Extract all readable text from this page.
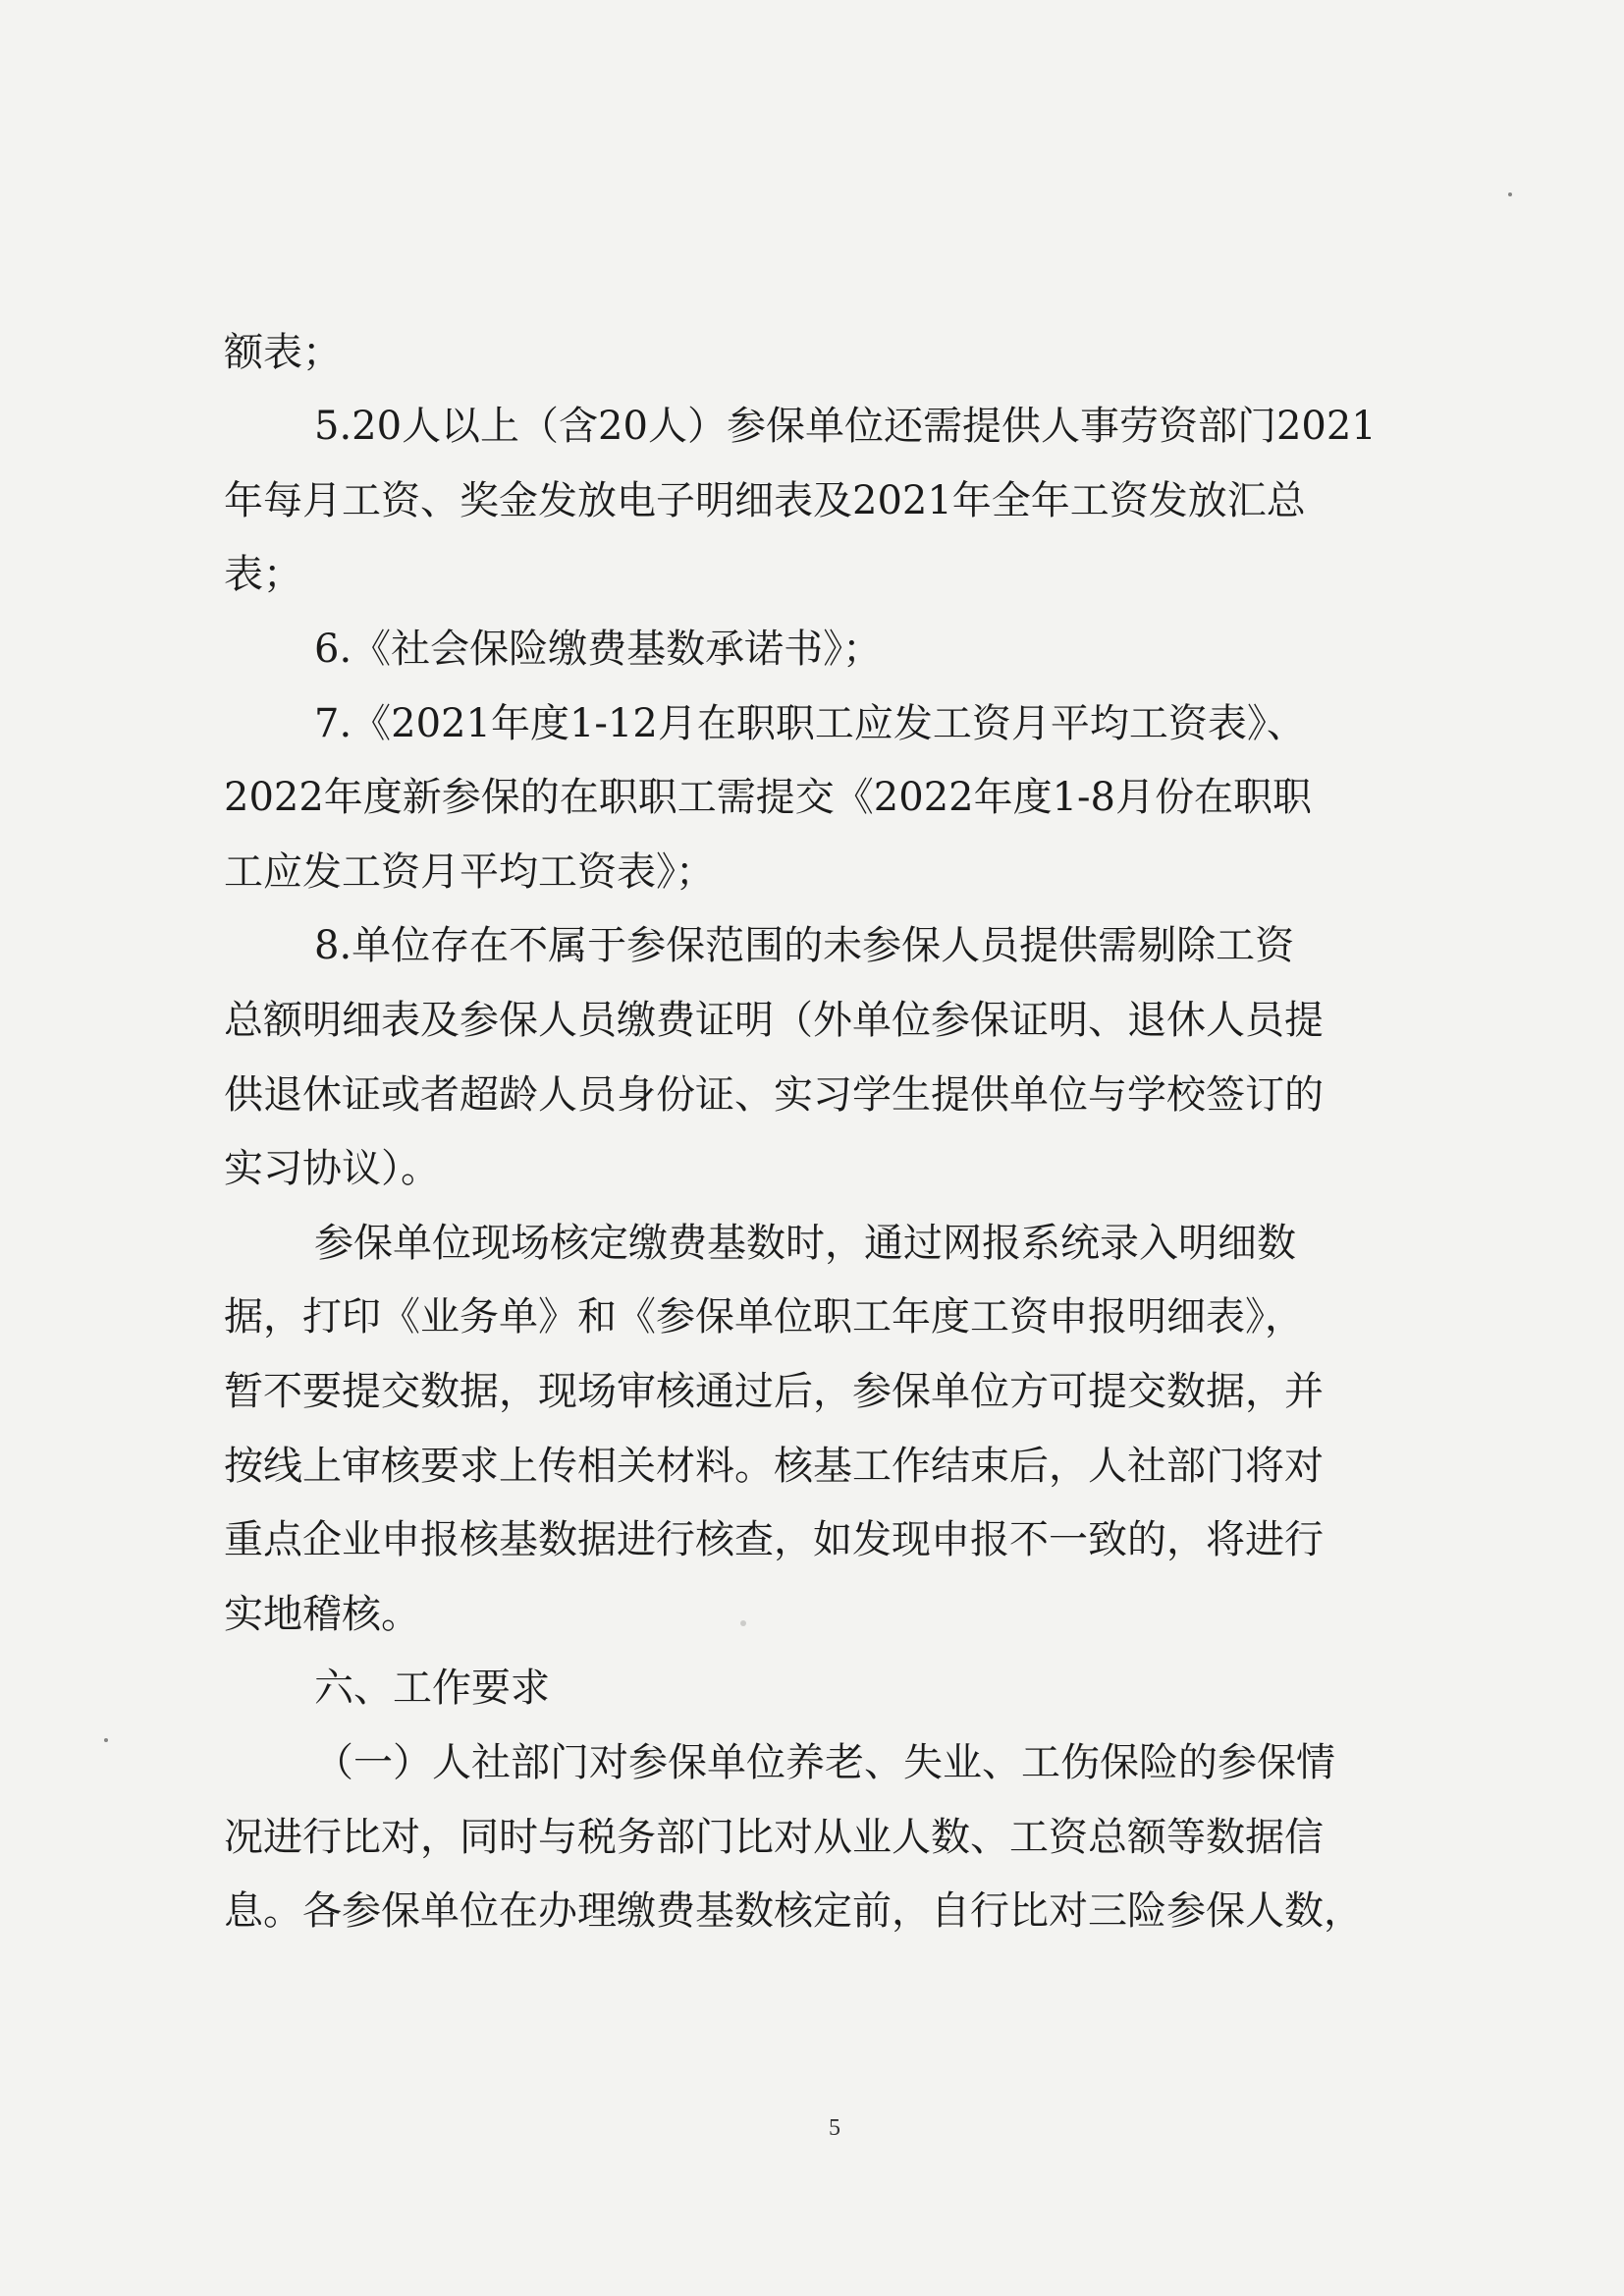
额表；
5.20人以上（含20人）参保单位还需提供人事劳资部门2021
年每月工资、奖金发放电子明细表及2021年全年工资发放汇总
表；
6.《社会保险缴费基数承诺书》；
7.《2021年度1-12月在职职工应发工资月平均工资表》、
2022年度新参保的在职职工需提交《2022年度1-8月份在职职
工应发工资月平均工资表》；
8.单位存在不属于参保范围的未参保人员提供需剔除工资
总额明细表及参保人员缴费证明（外单位参保证明、退休人员提
供退休证或者超龄人员身份证、实习学生提供单位与学校签订的
实习协议）。
参保单位现场核定缴费基数时，通过网报系统录入明细数
据，打印《业务单》和《参保单位职工年度工资申报明细表》，
暂不要提交数据，现场审核通过后，参保单位方可提交数据，并
按线上审核要求上传相关材料。核基工作结束后，人社部门将对
重点企业申报核基数据进行核查，如发现申报不一致的，将进行
实地稽核。
六、工作要求
（一）人社部门对参保单位养老、失业、工伤保险的参保情
况进行比对，同时与税务部门比对从业人数、工资总额等数据信
息。各参保单位在办理缴费基数核定前，自行比对三险参保人数，
5
